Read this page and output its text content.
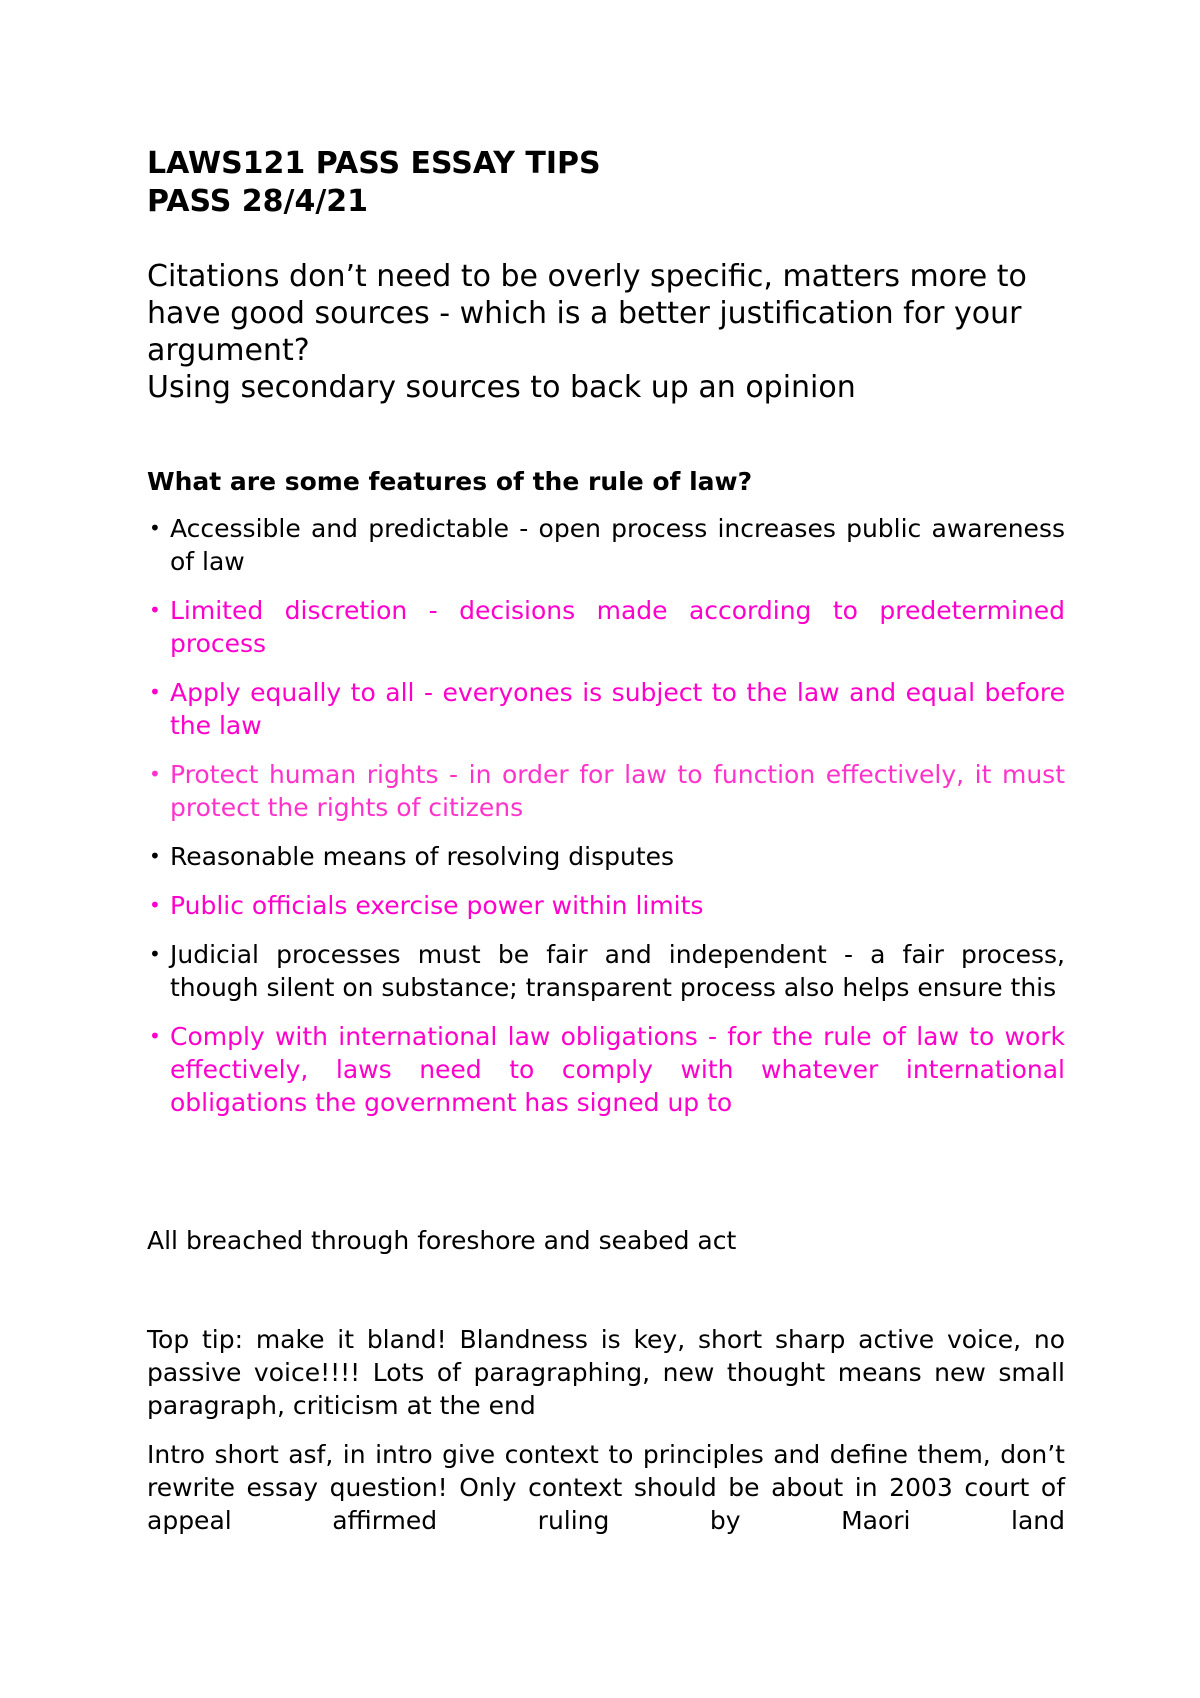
LAWS121 PASS ESSAY TIPS
PASS 28/4/21

Citations don’t need to be overly specific, matters more to have good sources - which is a better justification for your argument?

Using secondary sources to back up an opinion

What are some features of the rule of law?
• Accessible and predictable - open process increases public awareness of law
• Limited discretion - decisions made according to predetermined process
• Apply equally to all - everyones is subject to the law and equal before the law
• Protect human rights - in order for law to function effectively, it must protect the rights of citizens
• Reasonable means of resolving disputes
• Public officials exercise power within limits
• Judicial processes must be fair and independent - a fair process, though silent on substance; transparent process also helps ensure this
• Comply with international law obligations - for the rule of law to work effectively, laws need to comply with whatever international obligations the government has signed up to

All breached through foreshore and seabed act

Top tip: make it bland! Blandness is key, short sharp active voice, no passive voice!!!! Lots of paragraphing, new thought means new small paragraph, criticism at the end

Intro short asf, in intro give context to principles and define them, don’t rewrite essay question! Only context should be about in 2003 court of appeal affirmed ruling by Maori land
